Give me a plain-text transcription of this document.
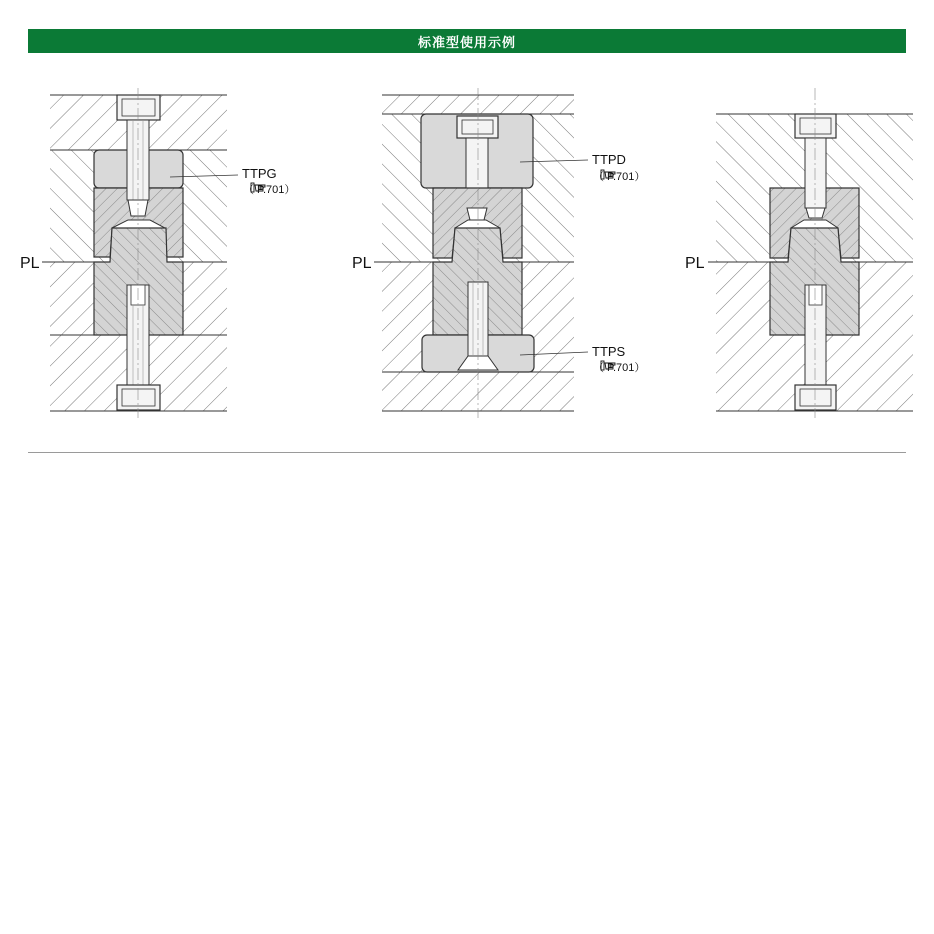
标准型使用示例
PL
TTPG
（ P.701）
PL
TTPD
（ P.701）
TTPS
（ P.701）
PL
